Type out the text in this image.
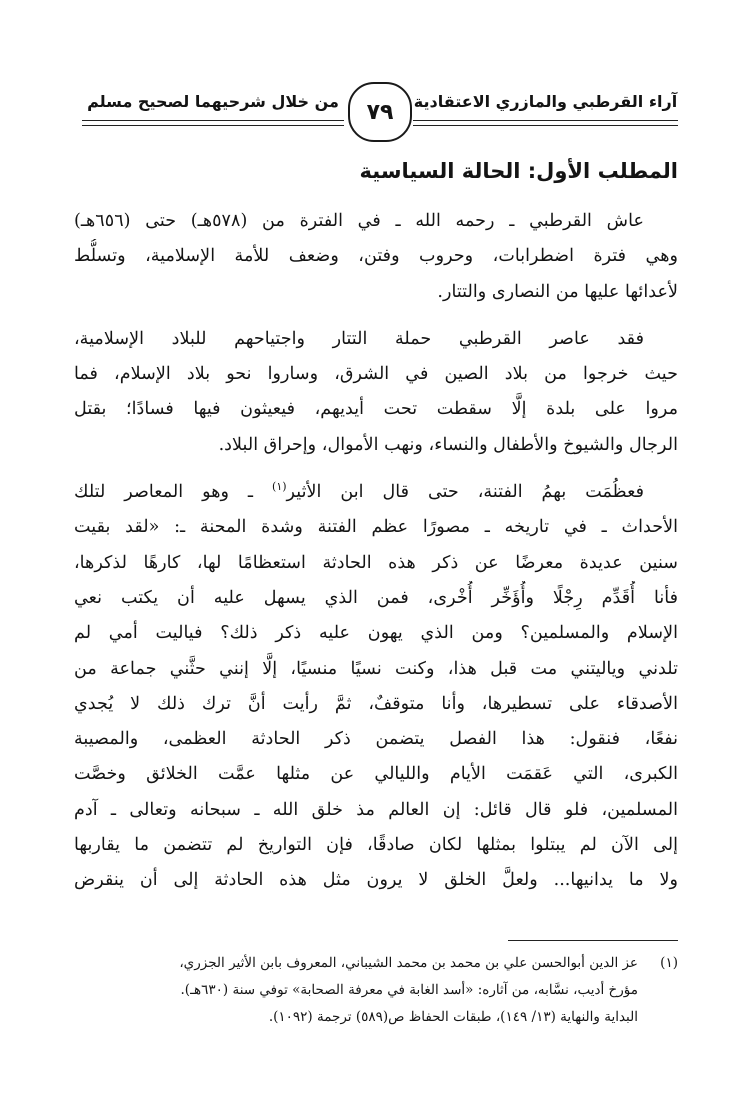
آراء القرطبي والمازري الاعتقادية
٧٩
من خلال شرحيهما لصحيح مسلم
المطلب الأول: الحالة السياسية
عاش القرطبي ـ رحمه الله ـ في الفترة من (٥٧٨هـ) حتى (٦٥٦هـ)
وهي فترة اضطرابات، وحروب وفتن، وضعف للأمة الإسلامية، وتسلُّط
لأعدائها عليها من النصارى والتتار.
فقد عاصر القرطبي حملة التتار واجتياحهم للبلاد الإسلامية،
حيث خرجوا من بلاد الصين في الشرق، وساروا نحو بلاد الإسلام، فما
مروا على بلدة إلَّا سقطت تحت أيديهم، فيعيثون فيها فسادًا؛ بقتل
الرجال والشيوخ والأطفال والنساء، ونهب الأموال، وإحراق البلاد.
فعظُمَت بهمُ الفتنة، حتى قال ابن الأثير$^{(١)}$ ـ وهو المعاصر لتلك
الأحداث ـ في تاريخه ـ مصورًا عظم الفتنة وشدة المحنة ـ: «لقد بقيت
سنين عديدة معرضًا عن ذكر هذه الحادثة استعظامًا لها، كارهًا لذكرها،
فأنا أُقَدِّم رِجْلًا وأُؤَخِّر أُخْرى، فمن الذي يسهل عليه أن يكتب نعي
الإسلام والمسلمين؟ ومن الذي يهون عليه ذكر ذلك؟ فياليت أمي لم
تلدني وياليتني مت قبل هذا، وكنت نسيًا منسيًا، إلَّا إنني حثَّني جماعة من
الأصدقاء على تسطيرها، وأنا متوقفٌ، ثمَّ رأيت أنَّ ترك ذلك لا يُجدي
نفعًا، فنقول: هذا الفصل يتضمن ذكر الحادثة العظمى، والمصيبة
الكبرى، التي عَقمَت الأيام والليالي عن مثلها عمَّت الخلائق وخصَّت
المسلمين، فلو قال قائل: إن العالم مذ خلق الله ـ سبحانه وتعالى ـ آدم
إلى الآن لم يبتلوا بمثلها لكان صادقًا، فإن التواريخ لم تتضمن ما يقاربها
ولا ما يدانيها... ولعلَّ الخلق لا يرون مثل هذه الحادثة إلى أن ينقرض
(١)عز الدين أبوالحسن علي بن محمد بن محمد الشيباني، المعروف بابن الأثير الجزري،
مؤرخ أديب، نسَّابه، من آثاره: «أسد الغابة في معرفة الصحابة» توفي سنة (٦٣٠هـ).
البداية والنهاية (١٣/ ١٤٩)، طبقات الحفاظ ص(٥٨٩) ترجمة (١٠٩٢).
